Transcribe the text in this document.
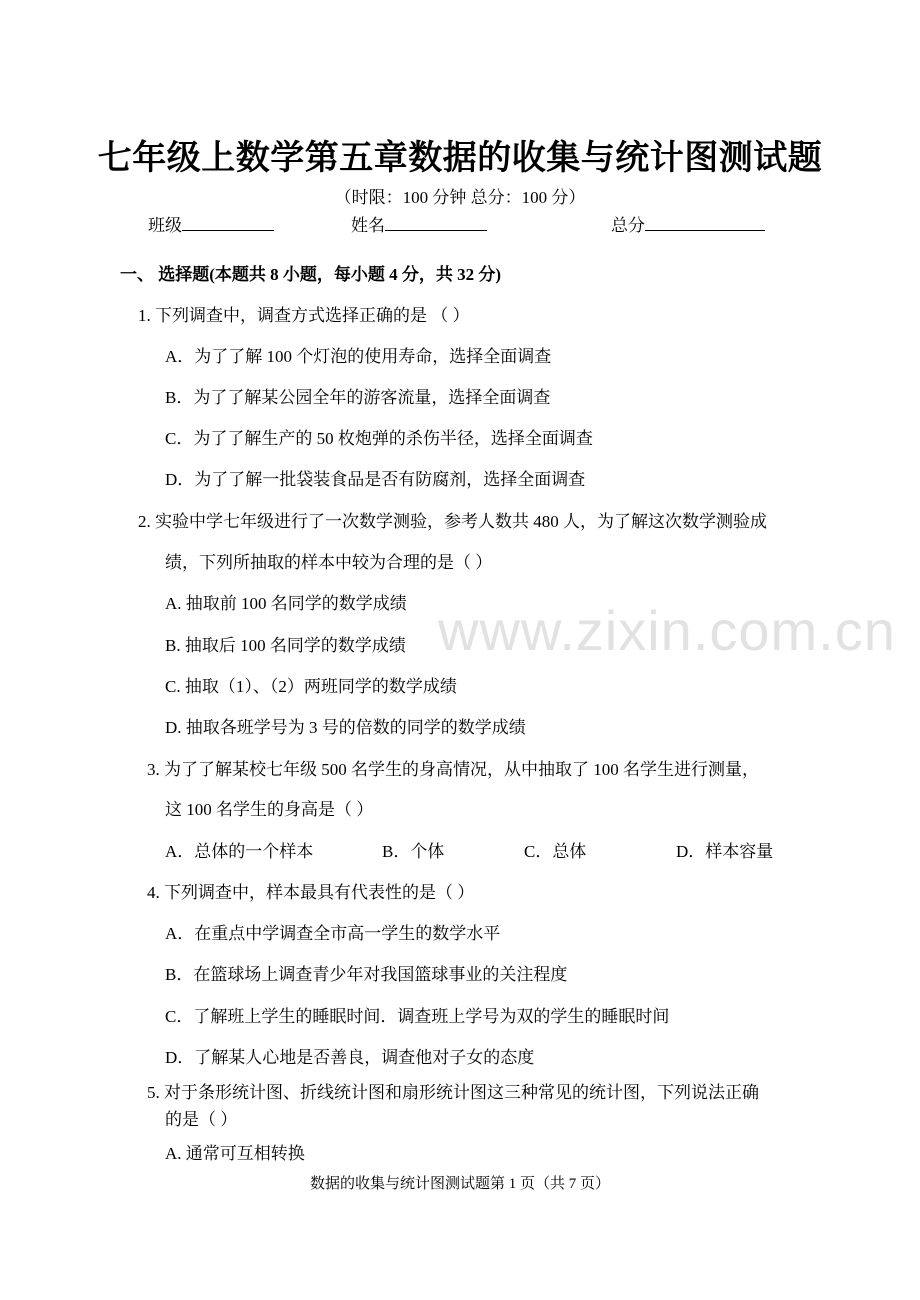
七年级上数学第五章数据的收集与统计图测试题
（时限：100 分钟 总分：100 分）
班级	姓名	总分
一、 选择题(本题共 8 小题，每小题 4 分，共 32 分)
1. 下列调查中，调查方式选择正确的是 （ ）
A．为了了解 100 个灯泡的使用寿命，选择全面调查
B．为了了解某公园全年的游客流量，选择全面调查
C．为了了解生产的 50 枚炮弹的杀伤半径，选择全面调查
D．为了了解一批袋装食品是否有防腐剂，选择全面调查
2. 实验中学七年级进行了一次数学测验，参考人数共 480 人，为了解这次数学测验成
绩，下列所抽取的样本中较为合理的是（ ）
A. 抽取前 100 名同学的数学成绩
B. 抽取后 100 名同学的数学成绩
C. 抽取（1）、（2）两班同学的数学成绩
D. 抽取各班学号为 3 号的倍数的同学的数学成绩
3. 为了了解某校七年级 500 名学生的身高情况，从中抽取了 100 名学生进行测量，
这 100 名学生的身高是（ ）
A．总体的一个样本	B．个体	C．总体	D．样本容量
4. 下列调查中，样本最具有代表性的是（ ）
A．在重点中学调查全市高一学生的数学水平
B．在篮球场上调查青少年对我国篮球事业的关注程度
C．了解班上学生的睡眠时间．调查班上学号为双的学生的睡眠时间
D．了解某人心地是否善良，调查他对子女的态度
5. 对于条形统计图、折线统计图和扇形统计图这三种常见的统计图，下列说法正确
的是（ ）
A. 通常可互相转换
www.zixin.com.cn
数据的收集与统计图测试题第 1 页（共 7 页）
